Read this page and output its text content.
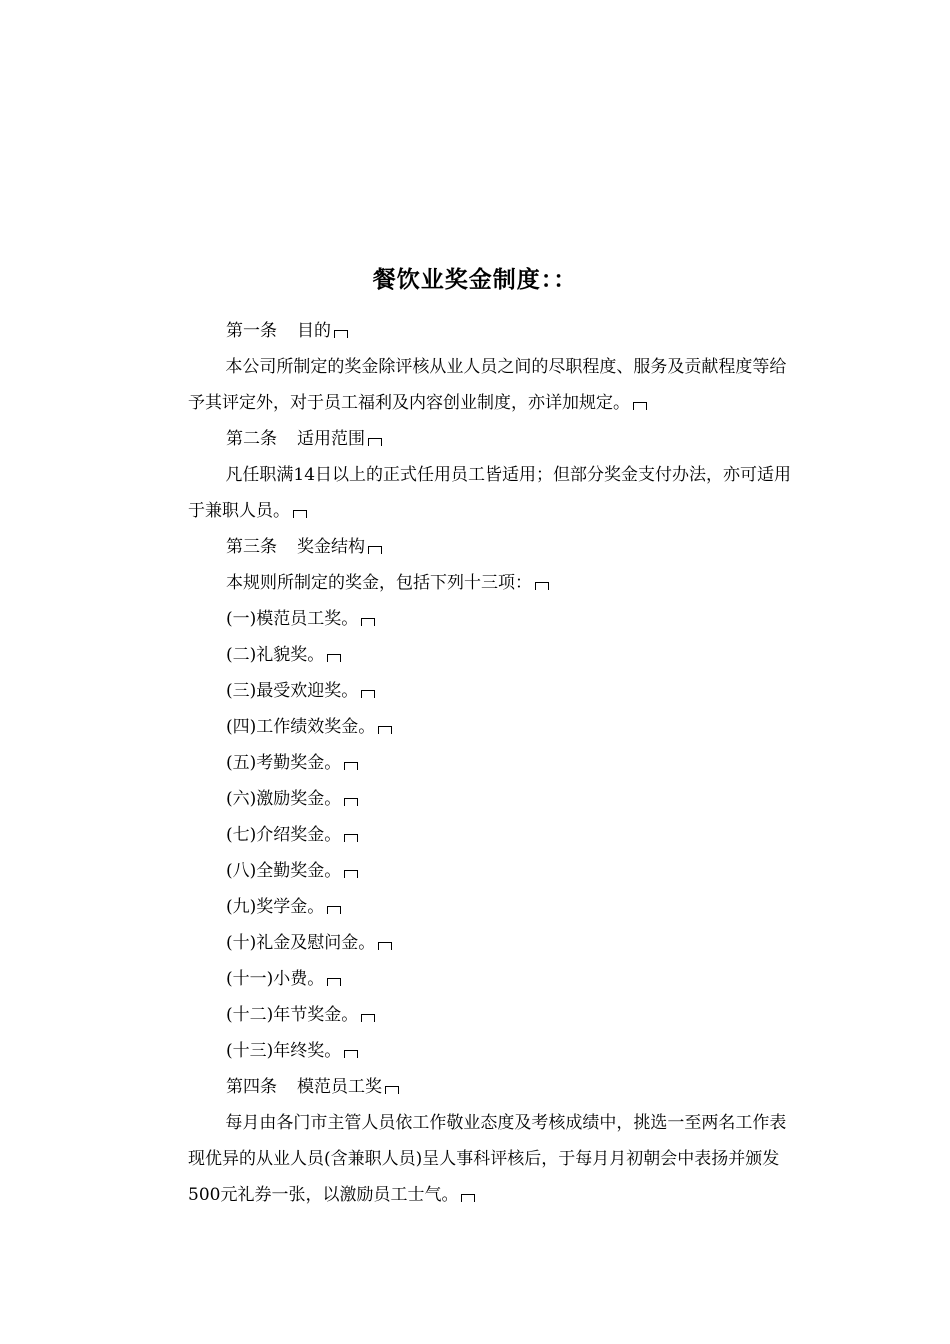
餐饮业奖金制度：：

第一条 目的

本公司所制定的奖金除评核从业人员之间的尽职程度、服务及贡献程度等给予其评定外，对于员工福利及内容创业制度，亦详加规定。

第二条 适用范围

凡任职满14日以上的正式任用员工皆适用；但部分奖金支付办法，亦可适用于兼职人员。

第三条 奖金结构

本规则所制定的奖金，包括下列十三项：

(一)模范员工奖。

(二)礼貌奖。

(三)最受欢迎奖。

(四)工作绩效奖金。

(五)考勤奖金。

(六)激励奖金。

(七)介绍奖金。

(八)全勤奖金。

(九)奖学金。

(十)礼金及慰问金。

(十一)小费。

(十二)年节奖金。

(十三)年终奖。

第四条 模范员工奖

每月由各门市主管人员依工作敬业态度及考核成绩中，挑选一至两名工作表现优异的从业人员(含兼职人员)呈人事科评核后，于每月月初朝会中表扬并颁发500元礼券一张，以激励员工士气。
